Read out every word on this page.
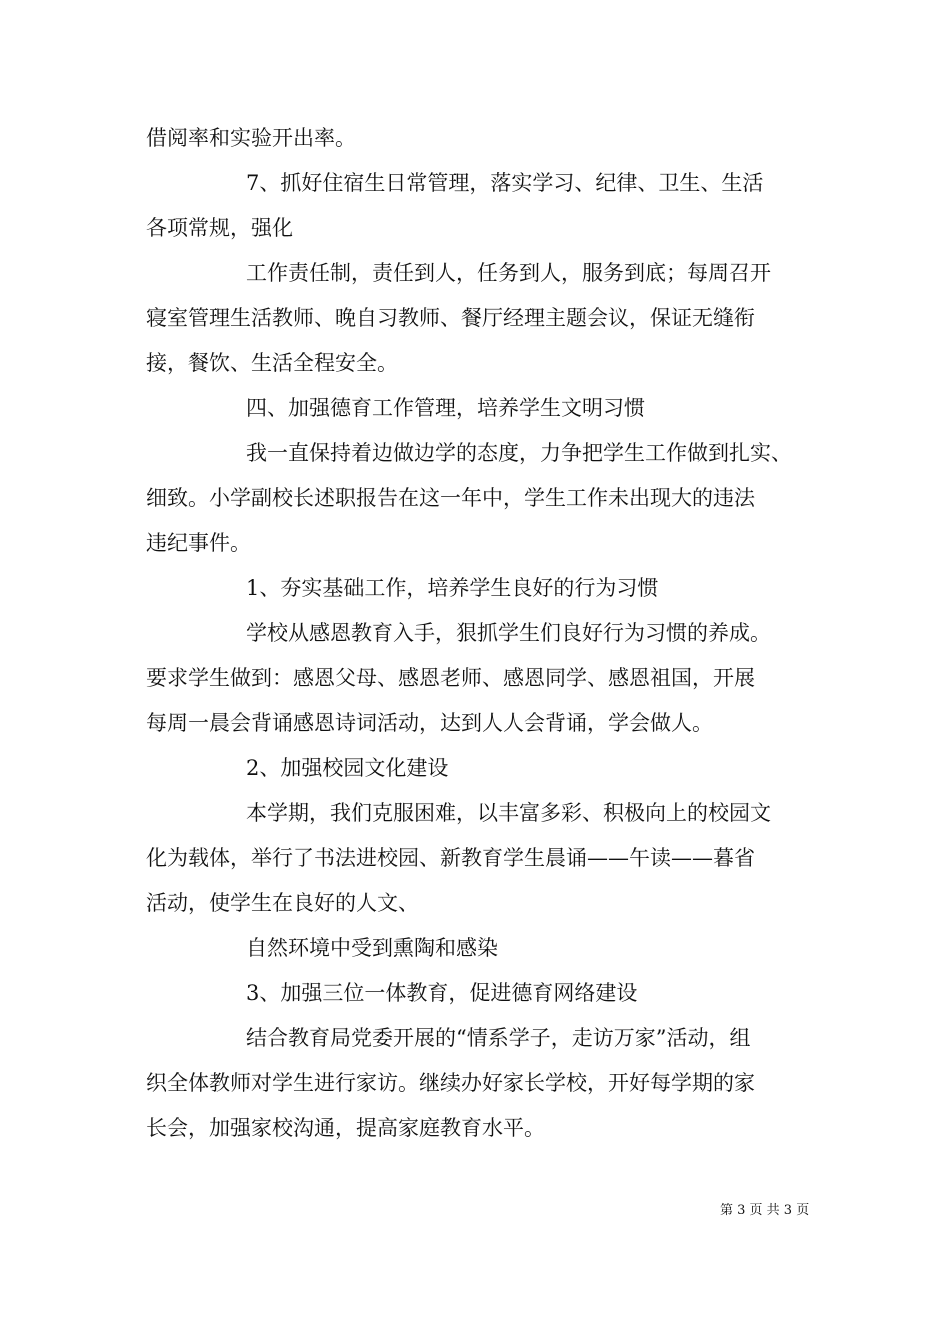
借阅率和实验开出率。
7、抓好住宿生日常管理，落实学习、纪律、卫生、生活
各项常规，强化
工作责任制，责任到人，任务到人，服务到底；每周召开
寝室管理生活教师、晚自习教师、餐厅经理主题会议，保证无缝衔
接，餐饮、生活全程安全。
四、加强德育工作管理，培养学生文明习惯
我一直保持着边做边学的态度，力争把学生工作做到扎实、
细致。小学副校长述职报告在这一年中，学生工作未出现大的违法
违纪事件。
1、夯实基础工作，培养学生良好的行为习惯
学校从感恩教育入手，狠抓学生们良好行为习惯的养成。
要求学生做到：感恩父母、感恩老师、感恩同学、感恩祖国，开展
每周一晨会背诵感恩诗词活动，达到人人会背诵，学会做人。
2、加强校园文化建设
本学期，我们克服困难，以丰富多彩、积极向上的校园文
化为载体，举行了书法进校园、新教育学生晨诵——午读——暮省
活动，使学生在良好的人文、
自然环境中受到熏陶和感染
3、加强三位一体教育，促进德育网络建设
结合教育局党委开展的“情系学子，走访万家”活动，组
织全体教师对学生进行家访。继续办好家长学校，开好每学期的家
长会，加强家校沟通，提高家庭教育水平。
第 3 页 共 3 页
